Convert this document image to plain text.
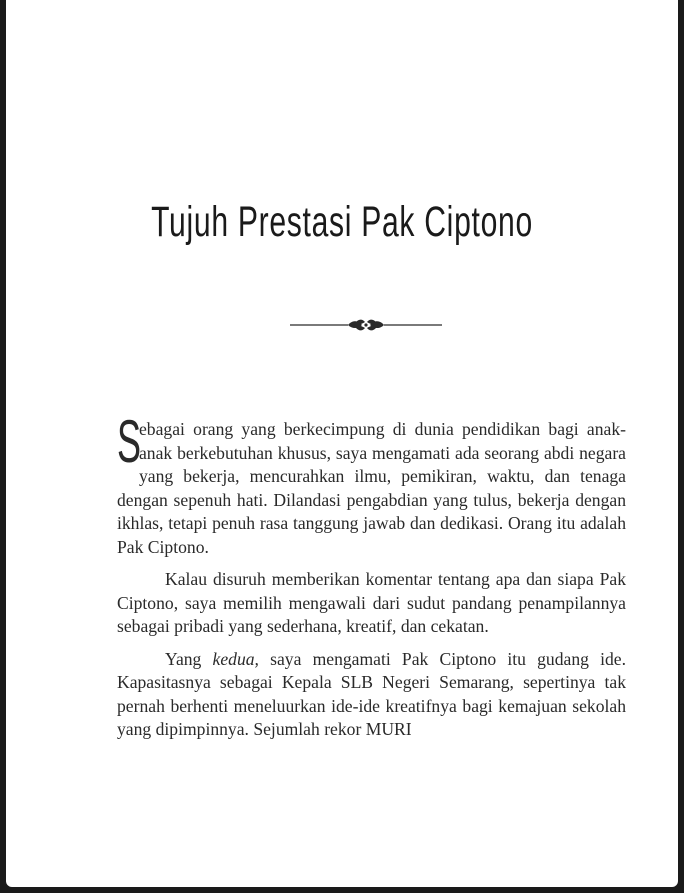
Tujuh Prestasi Pak Ciptono

S
ebagai orang yang berkecimpung di dunia pendidikan bagi anak-anak berkebutuhan khusus, saya mengamati ada seorang abdi negara yang bekerja, mencurahkan ilmu, pemikiran, waktu, dan tenaga dengan sepenuh hati. Dilandasi pengabdian yang tulus, bekerja dengan ikhlas, tetapi penuh rasa tanggung jawab dan dedikasi. Orang itu adalah Pak Ciptono.

Kalau disuruh memberikan komentar tentang apa dan siapa Pak Ciptono, saya memilih mengawali dari sudut pandang penampilannya sebagai pribadi yang sederhana, kreatif, dan cekatan.

Yang kedua, saya mengamati Pak Ciptono itu gudang ide. Kapasitasnya sebagai Kepala SLB Negeri Semarang, sepertinya tak pernah berhenti meneluurkan ide-ide kreatifnya bagi kemajuan sekolah yang dipimpinnya. Sejumlah rekor MURI
